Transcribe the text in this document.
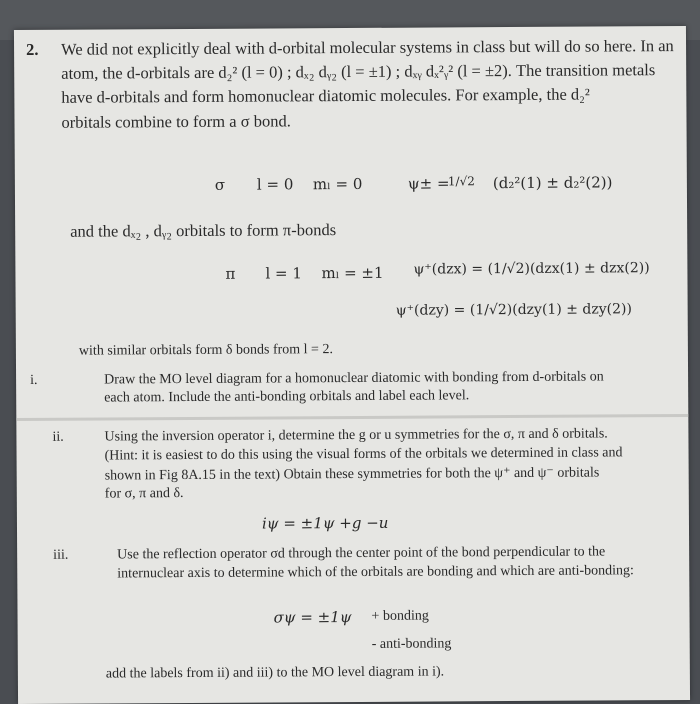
2. We did not explicitly deal with d-orbital molecular systems in class but will do so here. In an
atom, the d-orbitals are d₂² (l = 0) ; dₓ₂ dᵧ₂ (l = ±1) ; dₓᵧ dₓ²ᵧ² (l = ±2). The transition metals
have d-orbitals and form homonuclear diatomic molecules. For example, the d₂²
orbitals combine to form a σ bond.
σ l = 0 mₗ = 0	ψ± =
1/√2 (d₂²(1) ± d₂²(2))
and the dₓ₂ , dᵧ₂ orbitals to form π-bonds
π l = 1 mₗ = ±1 ψ⁺(dzx) = (1/√2)(dzx(1) ± dzx(2))
ψ⁺(dzy) = (1/√2)(dzy(1) ± dzy(2))
with similar orbitals form δ bonds from l = 2.
i.	Draw the MO level diagram for a homonuclear diatomic with bonding from d-orbitals on
each atom. Include the anti-bonding orbitals and label each level.
ii.	Using the inversion operator i, determine the g or u symmetries for the σ, π and δ orbitals.
(Hint: it is easiest to do this using the visual forms of the orbitals we determined in class and
shown in Fig 8A.15 in the text) Obtain these symmetries for both the ψ⁺ and ψ⁻ orbitals
for σ, π and δ.
iψ = ±1ψ +g −u
iii.	Use the reflection operator σd through the center point of the bond perpendicular to the
internuclear axis to determine which of the orbitals are bonding and which are anti-bonding:
σψ = ±1ψ + bonding
- anti-bonding
add the labels from ii) and iii) to the MO level diagram in i).
